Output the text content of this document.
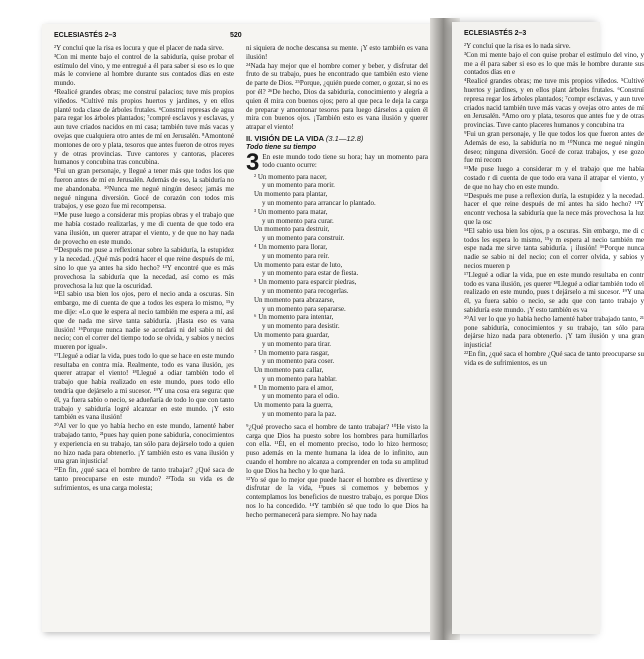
ECLESIASTÉS 2–3	520

²Y concluí que la risa es locura y que el placer de nada sirve.

³Con mi mente bajo el control de la sabiduría, quise probar el estímulo del vino, y me entregué a él para saber si eso es lo que más le conviene al hombre durante sus contados días en este mundo.

⁴Realicé grandes obras; me construí palacios; tuve mis propios viñedos. ⁵Cultivé mis propios huertos y jardines, y en ellos planté toda clase de árboles frutales. ⁶Construí represas de agua para regar los árboles plantados; ⁷compré esclavos y esclavas, y aun tuve criados nacidos en mi casa; también tuve más vacas y ovejas que cualquiera otro antes de mí en Jerusalén. ⁸Amontoné montones de oro y plata, tesoros que antes fueron de otros reyes y de otras provincias. Tuve cantores y cantoras, placeres humanos y concubina tras concubina.

⁹Fui un gran personaje, y llegué a tener más que todos los que fueron antes de mí en Jerusalén. Además de eso, la sabiduría no me abandonaba. ¹⁰Nunca me negué ningún deseo; jamás me negué ninguna diversión. Gocé de corazón con todos mis trabajos, y ese gozo fue mi recompensa.

¹¹Me puse luego a considerar mis propias obras y el trabajo que me había costado realizarlas, y me di cuenta de que todo era vana ilusión, un querer atrapar el viento, y de que no hay nada de provecho en este mundo.

¹²Después me puse a reflexionar sobre la sabiduría, la estupidez y la necedad. ¿Qué más podrá hacer el que reine después de mí, sino lo que ya antes ha sido hecho? ¹³Y encontré que es más provechosa la sabiduría que la necedad, así como es más provechosa la luz que la oscuridad.

¹⁴El sabio usa bien los ojos, pero el necio anda a oscuras. Sin embargo, me di cuenta de que a todos les espera lo mismo, ¹⁵y me dije: «Lo que le espera al necio también me espera a mí, así que de nada me sirve tanta sabiduría. ¡Hasta eso es vana ilusión! ¹⁶Porque nunca nadie se acordará ni del sabio ni del necio; con el correr del tiempo todo se olvida, y sabios y necios mueren por igual».

¹⁷Llegué a odiar la vida, pues todo lo que se hace en este mundo resultaba en contra mía. Realmente, todo es vana ilusión, ¡es querer atrapar el viento! ¹⁸Llegué a odiar también todo el trabajo que había realizado en este mundo, pues todo ello tendría que dejárselo a mi sucesor. ¹⁹Y una cosa era segura: que él, ya fuera sabio o necio, se adueñaría de todo lo que con tanto trabajo y sabiduría logré alcanzar en este mundo. ¡Y esto también es vana ilusión!

²⁰Al ver lo que yo había hecho en este mundo, lamenté haber trabajado tanto, ²¹pues hay quien pone sabiduría, conocimientos y experiencia en su trabajo, tan sólo para dejárselo todo a quien no hizo nada para obtenerlo. ¡Y también esto es vana ilusión y una gran injusticia!

²²En fin, ¿qué saca el hombre de tanto trabajar? ¿Qué saca de tanto preocuparse en este mundo? ²³Toda su vida es de sufrimientos, es una carga molesta;

ni siquiera de noche descansa su mente. ¡Y esto también es vana ilusión!

²⁴Nada hay mejor que el hombre comer y beber, y disfrutar del fruto de su trabajo, pues he encontrado que también esto viene de parte de Dios. ²⁵Porque, ¿quién puede comer, o gozar, si no es por él? ²⁶De hecho, Dios da sabiduría, conocimiento y alegría a quien él mira con buenos ojos; pero al que peca le deja la carga de preparar y amontonar tesoros para luego dárselos a quien él mira con buenos ojos. ¡También esto es vana ilusión y querer atrapar el viento!

II. VISIÓN DE LA VIDA (3.1—12.8)

Todo tiene su tiempo

3 En este mundo todo tiene su hora; hay un momento para todo cuanto ocurre:

² Un momento para nacer,

y un momento para morir.

Un momento para plantar,

y un momento para arrancar lo plantado.

³ Un momento para matar,

y un momento para curar.

Un momento para destruir,

y un momento para construir.

⁴ Un momento para llorar,

y un momento para reír.

Un momento para estar de luto,

y un momento para estar de fiesta.

⁵ Un momento para esparcir piedras,

y un momento para recogerlas.

Un momento para abrazarse,

y un momento para separarse.

⁶ Un momento para intentar,

y un momento para desistir.

Un momento para guardar,

y un momento para tirar.

⁷ Un momento para rasgar,

y un momento para coser.

Un momento para callar,

y un momento para hablar.

⁸ Un momento para el amor,

y un momento para el odio.

Un momento para la guerra,

y un momento para la paz.

⁹¿Qué provecho saca el hombre de tanto trabajar? ¹⁰He visto la carga que Dios ha puesto sobre los hombres para humillarlos con ella. ¹¹Él, en el momento preciso, todo lo hizo hermoso; puso además en la mente humana la idea de lo infinito, aun cuando el hombre no alcanza a comprender en toda su amplitud lo que Dios ha hecho y lo que hará.

¹²Yo sé que lo mejor que puede hacer el hombre es divertirse y disfrutar de la vida, ¹³pues si comemos y bebemos y contemplamos los beneficios de nuestro trabajo, es porque Dios nos lo ha concedido. ¹⁴Y también sé que todo lo que Dios ha hecho permanecerá para siempre. No hay nada

ECLESIASTÉS 2–3

²Y concluí que la risa es lo nada sirve.

³Con mi mente bajo el con quise probar el estímulo del vino, y me a él para saber si eso es lo que más le hombre durante sus contados días en e

⁴Realicé grandes obras; me tuve mis propios viñedos. ⁵Cultivé huertos y jardines, y en ellos plant árboles frutales. ⁶Construí represa regar los árboles plantados; ⁷compr esclavas, y aun tuve criados nacid también tuve más vacas y ovejas otro antes de mí en Jerusalén. ⁸Amo oro y plata, tesoros que antes fue y de otras provincias. Tuve canto placeres humanos y concubina tra

⁹Fui un gran personaje, y lle que todos los que fueron antes de Además de eso, la sabiduría no m ¹⁰Nunca me negué ningún deseo; ninguna diversión. Gocé de coraz trabajos, y ese gozo fue mi recom

¹¹Me puse luego a considerar m y el trabajo que me había costado r di cuenta de que todo era vana il atrapar el viento, y de que no hay cho en este mundo.

¹²Después me puse a reflexion duría, la estupidez y la necedad. hacer el que reine después de mí antes ha sido hecho? ¹³Y encontr vechosa la sabiduría que la nece más provechosa la luz que la osc

¹⁴El sabio usa bien los ojos, p a oscuras. Sin embargo, me di c todos les espera lo mismo, ¹⁵y m espera al necio también me espe nada me sirve tanta sabiduría. ¡ ilusión! ¹⁶Porque nunca nadie se sabio ni del necio; con el correr olvida, y sabios y necios mueren p

¹⁷Llegué a odiar la vida, pue en este mundo resultaba en contr todo es vana ilusión, ¡es querer ¹⁸Llegué a odiar también todo el realizado en este mundo, pues t dejárselo a mi sucesor. ¹⁹Y una él, ya fuera sabio o necio, se adu que con tanto trabajo y sabiduría este mundo. ¡Y esto también es va

²⁰Al ver lo que yo había hecho lamenté haber trabajado tanto, ²¹ pone sabiduría, conocimientos y su trabajo, tan sólo para dejárse hizo nada para obtenerlo. ¡Y tam ilusión y una gran injusticia!

²²En fin, ¿qué saca el hombre ¿Qué saca de tanto preocuparse su vida es de sufrimientos, es un
